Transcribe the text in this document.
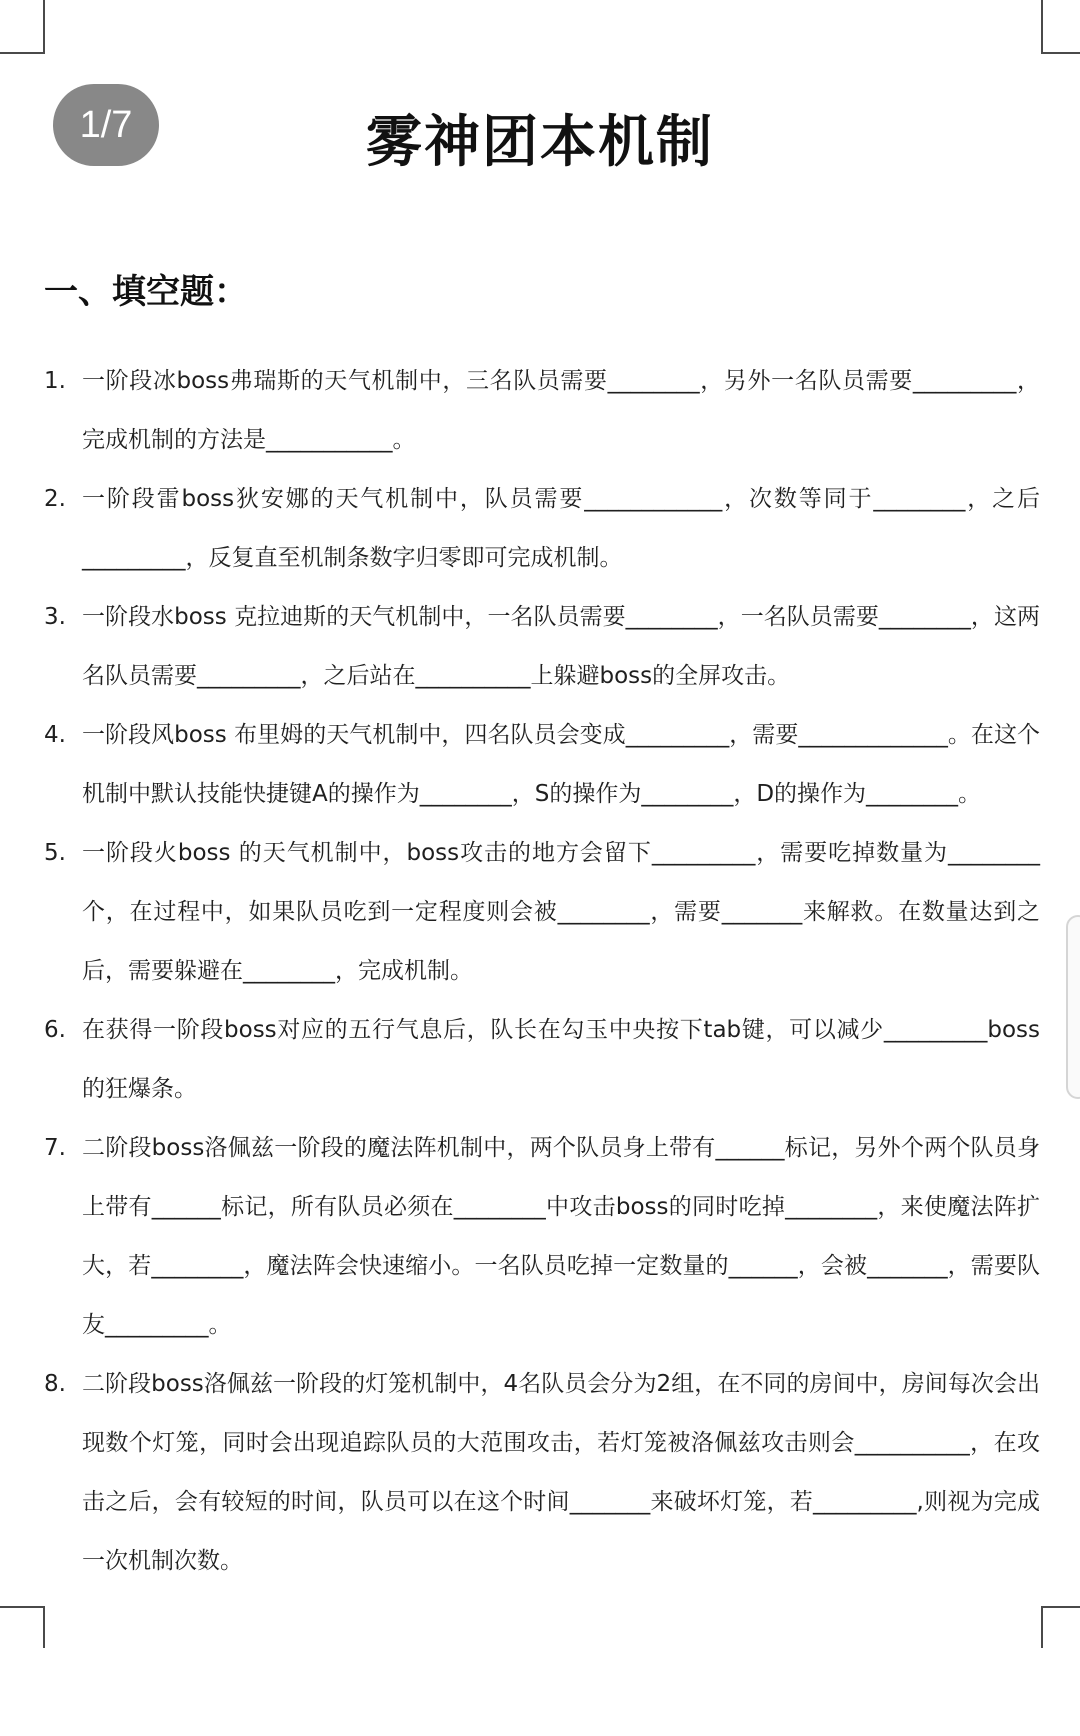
1/7	雾神团本机制
一、填空题：
1. 一阶段冰boss弗瑞斯的天气机制中，三名队员需要________，另外一名队员需要_________，完成机制的方法是___________。
2. 一阶段雷boss狄安娜的天气机制中，队员需要____________，次数等同于________，之后_________，反复直至机制条数字归零即可完成机制。
3. 一阶段水boss 克拉迪斯的天气机制中，一名队员需要________，一名队员需要________，这两名队员需要_________，之后站在__________上躲避boss的全屏攻击。
4. 一阶段风boss 布里姆的天气机制中，四名队员会变成_________，需要_____________。在这个机制中默认技能快捷键A的操作为________，S的操作为________，D的操作为________。
5. 一阶段火boss 的天气机制中，boss攻击的地方会留下_________，需要吃掉数量为________个，在过程中，如果队员吃到一定程度则会被________，需要_______来解救。在数量达到之后，需要躲避在________，完成机制。
6. 在获得一阶段boss对应的五行气息后，队长在勾玉中央按下tab键，可以减少_________boss的狂爆条。
7. 二阶段boss洛佩兹一阶段的魔法阵机制中，两个队员身上带有______标记，另外个两个队员身上带有______标记，所有队员必须在________中攻击boss的同时吃掉________，来使魔法阵扩大，若________，魔法阵会快速缩小。一名队员吃掉一定数量的______，会被_______，需要队友_________。
8. 二阶段boss洛佩兹一阶段的灯笼机制中，4名队员会分为2组，在不同的房间中，房间每次会出现数个灯笼，同时会出现追踪队员的大范围攻击，若灯笼被洛佩兹攻击则会__________，在攻击之后，会有较短的时间，队员可以在这个时间_______来破坏灯笼，若_________,则视为完成一次机制次数。
